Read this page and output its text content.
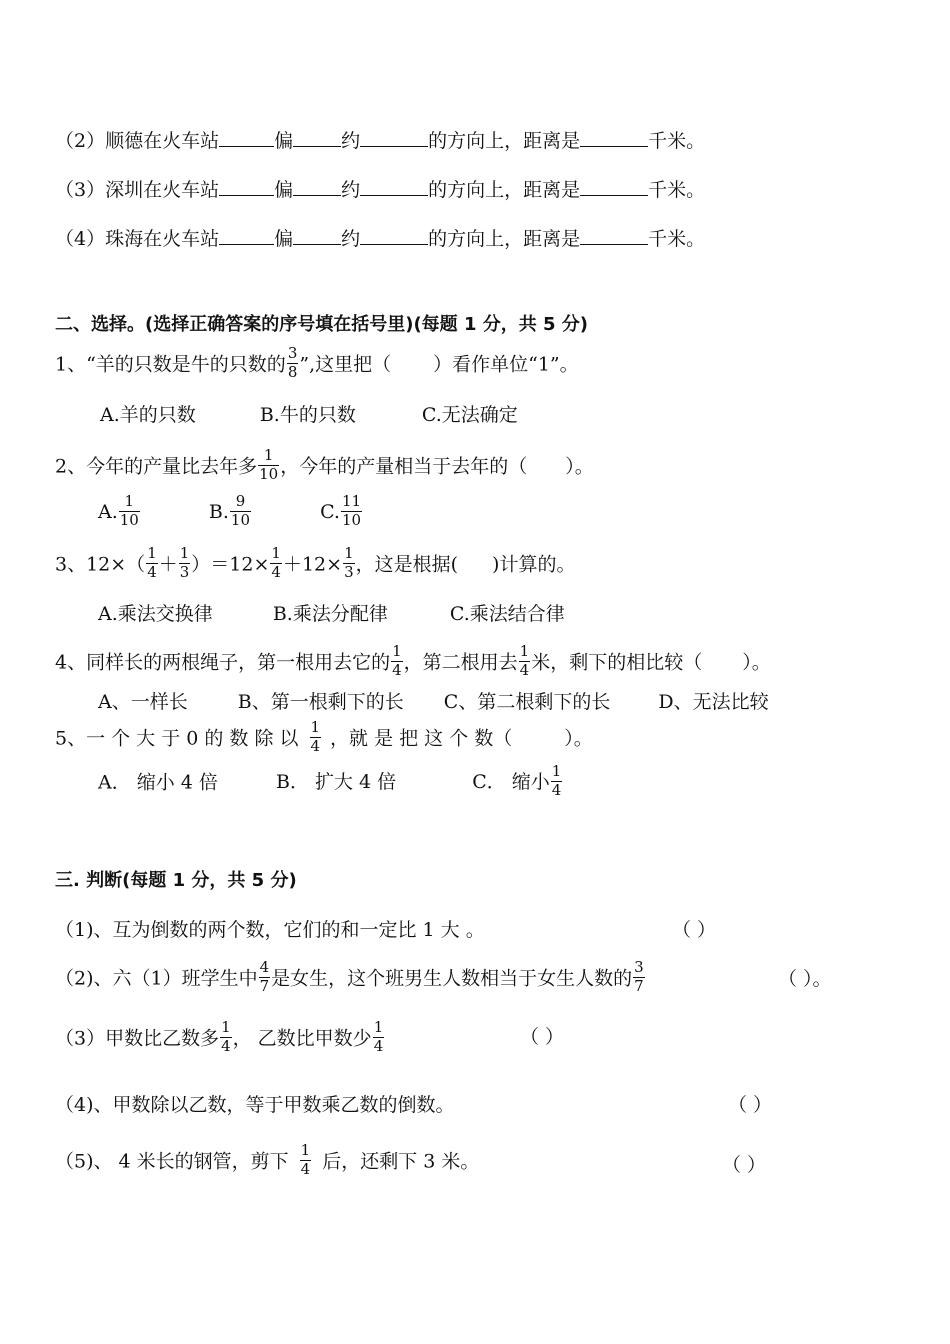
（2）顺德在火车站	偏	约	的方向上，距离是	千米。
（3）深圳在火车站	偏	约	的方向上，距离是	千米。
（4）珠海在火车站	偏	约	的方向上，距离是	千米。
二、选择。(选择正确答案的序号填在括号里)(每题 1 分，共 5 分)
1、“羊的只数是牛的只数的 $\frac{3}{8}$ ”,这里把（ ）看作单位“1”。
A.羊的只数	B.牛的只数	C.无法确定
2、今年的产量比去年多 $\frac{1}{10}$ ，今年的产量相当于去年的（ ）。
A. $\frac{1}{10}$	B. $\frac{9}{10}$	C. $\frac{11}{10}$
3、$12\times( \frac{1}{4} + \frac{1}{3} )=12\times \frac{1}{4} +12\times \frac{1}{3}$ ，这是根据( )计算的。
A.乘法交换律	B.乘法分配律	C.乘法结合律
4、同样长的两根绳子，第一根用去它的 $\frac{1}{4}$ ，第二根用去 $\frac{1}{4}$ 米，剩下的相比较（ ）。
A、一样长	B、第一根剩下的长 C、第二根剩下的长	D、无法比较
5、一 个 大 于 0 的 数 除 以 $\frac{1}{4}$ ，就 是 把 这 个 数（	）。
A． 缩小 4 倍	B． 扩大 4 倍	C． 缩小 $\frac{1}{4}$
三. 判断(每题 1 分，共 5 分)
（1)、互为倒数的两个数，它们的和一定比 1 大 。	（ ）
（2)、六（1）班学生中 $\frac{4}{7}$ 是女生，这个班男生人数相当于女生人数的 $\frac{3}{7}$	（ ）。
（3）甲数比乙数多 $\frac{1}{4}$ ， 乙数比甲数少 $\frac{1}{4}$	（ ）
（4)、甲数除以乙数，等于甲数乘乙数的倒数。	（ ）
（5)、 4 米长的钢管，剪下 $\frac{1}{4}$ 后，还剩下 3 米。	（ ）
